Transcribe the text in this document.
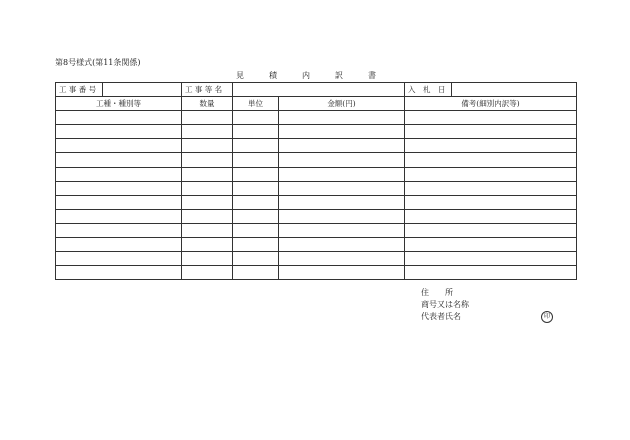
第8号様式(第11条関係)
見	積	内	訳	書
工 事 番 号		工 事 等 名			入　札　日	
工種・種別等		数量	単位	金額(円)	備考(細別内訳等)	

住　　所
商号又は名称
代表者氏名	印
